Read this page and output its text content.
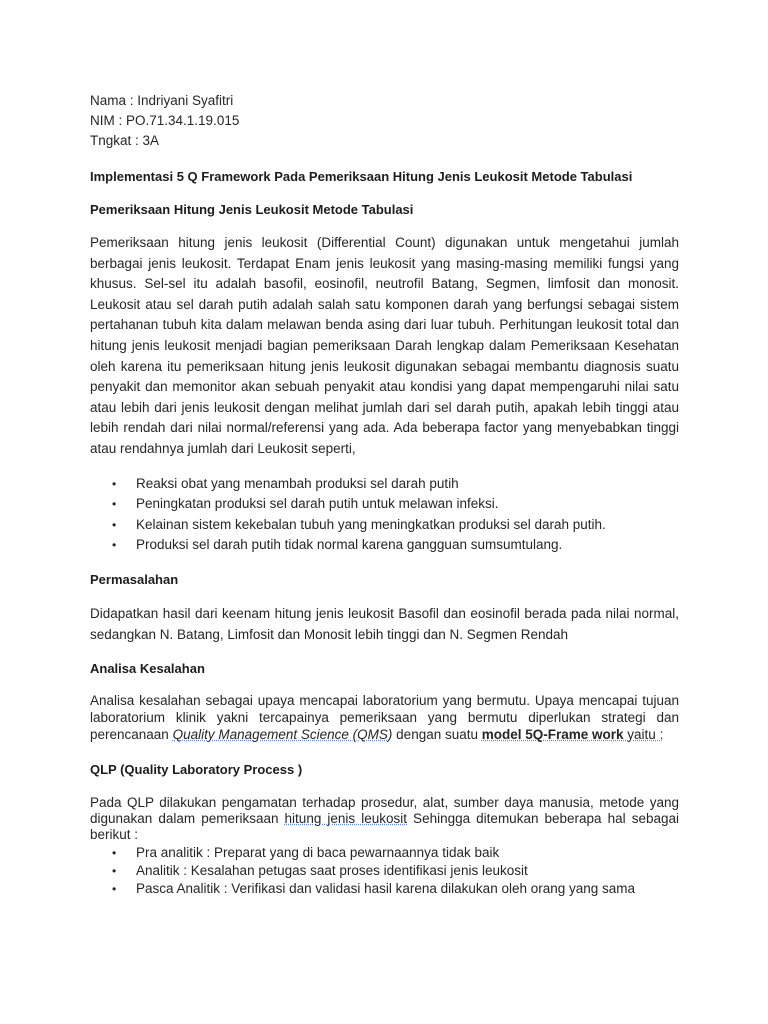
Nama : Indriyani Syafitri

NIM : PO.71.34.1.19.015

Tngkat : 3A

Implementasi 5 Q Framework Pada Pemeriksaan Hitung Jenis Leukosit Metode Tabulasi

Pemeriksaan Hitung Jenis Leukosit Metode Tabulasi

Pemeriksaan hitung jenis leukosit (Differential Count) digunakan untuk mengetahui jumlah berbagai jenis leukosit. Terdapat Enam jenis leukosit yang masing-masing memiliki fungsi yang khusus. Sel-sel itu adalah basofil, eosinofil, neutrofil Batang, Segmen, limfosit dan monosit. Leukosit atau sel darah putih adalah salah satu komponen darah yang berfungsi sebagai sistem pertahanan tubuh kita dalam melawan benda asing dari luar tubuh. Perhitungan leukosit total dan hitung jenis leukosit menjadi bagian pemeriksaan Darah lengkap dalam Pemeriksaan Kesehatan oleh karena itu pemeriksaan hitung jenis leukosit digunakan sebagai membantu diagnosis suatu penyakit dan memonitor akan sebuah penyakit atau kondisi yang dapat mempengaruhi nilai satu atau lebih dari jenis leukosit dengan melihat jumlah dari sel darah putih, apakah lebih tinggi atau lebih rendah dari nilai normal/referensi yang ada. Ada beberapa factor yang menyebabkan tinggi atau rendahnya jumlah dari Leukosit seperti,

• Reaksi obat yang menambah produksi sel darah putih
• Peningkatan produksi sel darah putih untuk melawan infeksi.
• Kelainan sistem kekebalan tubuh yang meningkatkan produksi sel darah putih.
• Produksi sel darah putih tidak normal karena gangguan sumsumtulang.

Permasalahan

Didapatkan hasil dari keenam hitung jenis leukosit Basofil dan eosinofil berada pada nilai normal, sedangkan N. Batang, Limfosit dan Monosit lebih tinggi dan N. Segmen Rendah

Analisa Kesalahan

Analisa kesalahan sebagai upaya mencapai laboratorium yang bermutu. Upaya mencapai tujuan laboratorium klinik yakni tercapainya pemeriksaan yang bermutu diperlukan strategi dan perencanaan Quality Management Science (QMS) dengan suatu model 5Q-Frame work yaitu :

QLP (Quality Laboratory Process )

Pada QLP dilakukan pengamatan terhadap prosedur, alat, sumber daya manusia, metode yang digunakan dalam pemeriksaan hitung jenis leukosit Sehingga ditemukan beberapa hal sebagai berikut :

• Pra analitik : Preparat yang di baca pewarnaannya tidak baik
• Analitik : Kesalahan petugas saat proses identifikasi jenis leukosit
• Pasca Analitik : Verifikasi dan validasi hasil karena dilakukan oleh orang yang sama
